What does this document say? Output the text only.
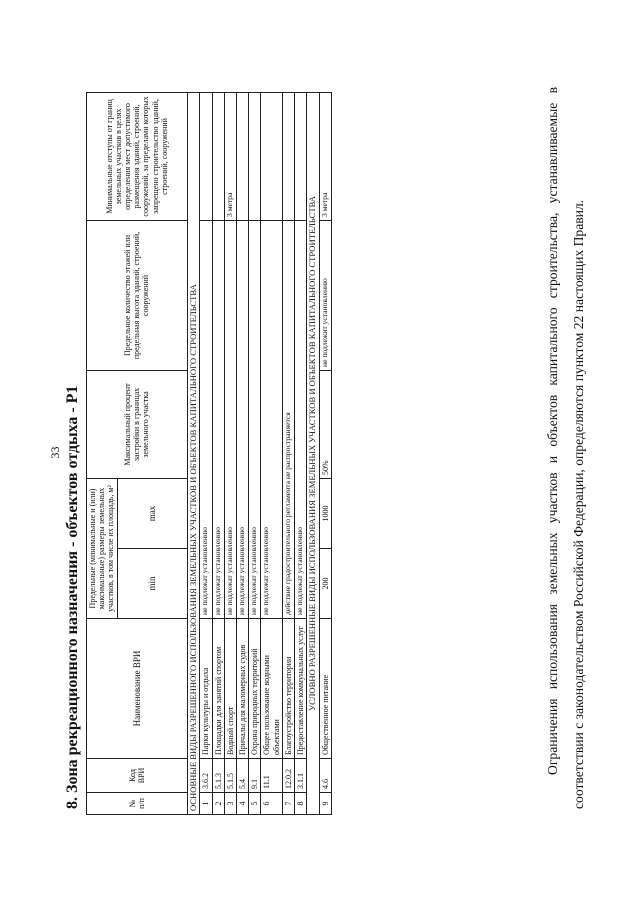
33 8. Зона рекреационного назначения - объектов отдыха - Р1	№ п/п	Код ВРИ	Наименование ВРИ	Предельные (минимальные и (или) максимальные) размеры земельных участков, в том числе их площадь, м²		Максимальный процент застройки в границах земельного участка	Предельное количество этажей или предельная высота зданий, строений, сооружений	Минимальные отступы от границ земельных участков в целях определения мест допустимого размещения зданий, строений, сооружений, за пределами которых запрещено строительство зданий, строений, сооружений
			min	max			
ОСНОВНЫЕ ВИДЫ РАЗРЕШЕННОГО ИСПОЛЬЗОВАНИЯ ЗЕМЕЛЬНЫХ УЧАСТКОВ И ОБЪЕКТОВ КАПИТАЛЬНОГО СТРОИТЕЛЬСТВА							
1	3.6.2	Парки культуры и отдыха	не подлежат установлению				
2	5.1.3	Площадки для занятий спортом	не подлежат установлению				
3	5.1.5	Водный спорт	не подлежат установлению				3 метра
4	5.4	Причалы для маломерных судов	не подлежат установлению				
5	9.1	Охрана природных территорий	не подлежат установлению				
6	11.1	Общее пользование водными объектами	не подлежат установлению				
7	12.0.2	Благоустройство территории	действие градостроительного регламента не распространяется				
8	3.1.1	Предоставление коммунальных услуг	не подлежат установлению				
УСЛОВНО РАЗРЕШЕННЫЕ ВИДЫ ИСПОЛЬЗОВАНИЯ ЗЕМЕЛЬНЫХ УЧАСТКОВ И ОБЪЕКТОВ КАПИТАЛЬНОГО СТРОИТЕЛЬСТВА							
9	4.6	Общественное питание	200	1000	50%	не подлежит установлению	3 метра	Ограничения использования земельных участков и объектов капитального строительства, устанавливаемые в соответствии с законодательством Российской Федерации, определяются пунктом 22 настоящих Правил.
